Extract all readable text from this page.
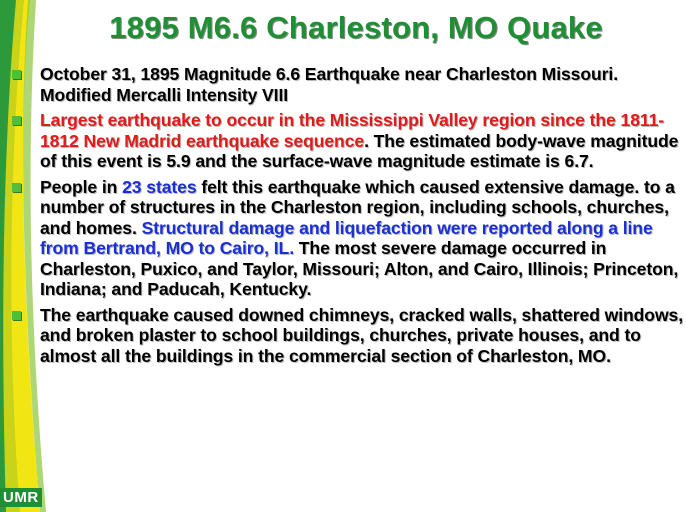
1895 M6.6 Charleston, MO Quake
October 31, 1895 Magnitude 6.6 Earthquake near Charleston Missouri. Modified Mercalli Intensity VIII
Largest earthquake to occur in the Mississippi Valley region since the 1811-1812 New Madrid earthquake sequence. The estimated body-wave magnitude of this event is 5.9 and the surface-wave magnitude estimate is 6.7.
People in 23 states felt this earthquake which caused extensive damage. to a number of structures in the Charleston region, including schools, churches, and homes. Structural damage and liquefaction were reported along a line from Bertrand, MO to Cairo, IL. The most severe damage occurred in Charleston, Puxico, and Taylor, Missouri; Alton, and Cairo, Illinois; Princeton, Indiana; and Paducah, Kentucky.
The earthquake caused downed chimneys, cracked walls, shattered windows, and broken plaster to school buildings, churches, private houses, and to almost all the buildings in the commercial section of Charleston, MO.
UMR
